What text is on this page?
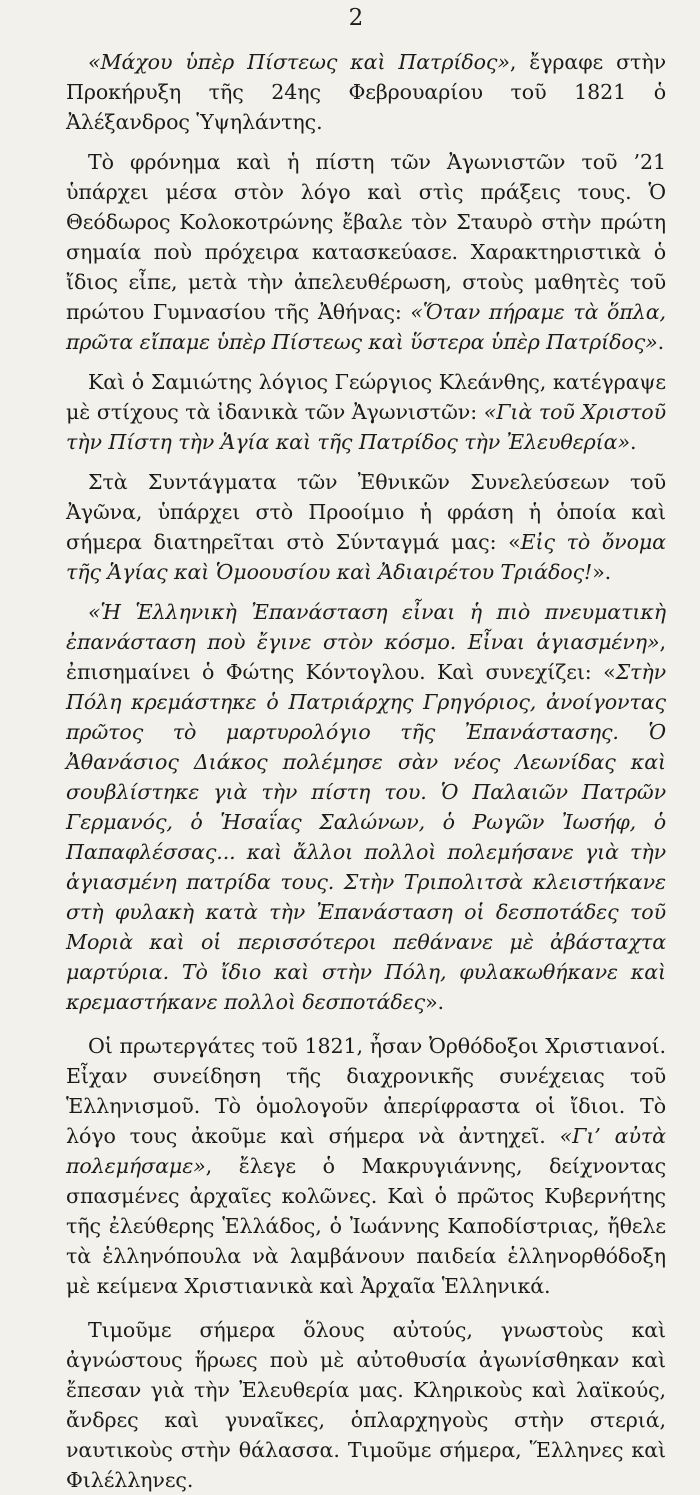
2

«Μάχου ὑπὲρ Πίστεως καὶ Πατρίδος», ἔγραφε στὴν Προκήρυξη τῆς 24ης Φεβρουαρίου τοῦ 1821 ὁ Ἀλέξανδρος Ὑψηλάντης.

Τὸ φρόνημα καὶ ἡ πίστη τῶν Ἀγωνιστῶν τοῦ ’21 ὑπάρχει μέσα στὸν λόγο καὶ στὶς πράξεις τους. Ὁ Θεόδωρος Κολοκοτρώνης ἔβαλε τὸν Σταυρὸ στὴν πρώτη σημαία ποὺ πρόχειρα κατασκεύασε. Χαρακτηριστικὰ ὁ ἴδιος εἶπε, μετὰ τὴν ἀπελευθέρωση, στοὺς μαθητὲς τοῦ πρώτου Γυμνασίου τῆς Ἀθήνας: «Ὅταν πήραμε τὰ ὅπλα, πρῶτα εἴπαμε ὑπὲρ Πίστεως καὶ ὕστερα ὑπὲρ Πατρίδος».

Καὶ ὁ Σαμιώτης λόγιος Γεώργιος Κλεάνθης, κατέγραψε μὲ στίχους τὰ ἰδανικὰ τῶν Ἀγωνιστῶν: «Γιὰ τοῦ Χριστοῦ τὴν Πίστη τὴν Ἁγία καὶ τῆς Πατρίδος τὴν Ἐλευθερία».

Στὰ Συντάγματα τῶν Ἐθνικῶν Συνελεύσεων τοῦ Ἀγῶνα, ὑπάρχει στὸ Προοίμιο ἡ φράση ἡ ὁποία καὶ σήμερα διατηρεῖται στὸ Σύνταγμά μας: «Εἰς τὸ ὄνομα τῆς Ἁγίας καὶ Ὁμοουσίου καὶ Ἀδιαιρέτου Τριάδος!».

«Ἡ Ἑλληνικὴ Ἐπανάσταση εἶναι ἡ πιὸ πνευματικὴ ἐπανάσταση ποὺ ἔγινε στὸν κόσμο. Εἶναι ἁγιασμένη», ἐπισημαίνει ὁ Φώτης Κόντογλου. Καὶ συνεχίζει: «Στὴν Πόλη κρεμάστηκε ὁ Πατριάρχης Γρηγόριος, ἀνοίγοντας πρῶτος τὸ μαρτυρολόγιο τῆς Ἐπανάστασης. Ὁ Ἀθανάσιος Διάκος πολέμησε σὰν νέος Λεωνίδας καὶ σουβλίστηκε γιὰ τὴν πίστη του. Ὁ Παλαιῶν Πατρῶν Γερμανός, ὁ Ἡσαΐας Σαλώνων, ὁ Ρωγῶν Ἰωσήφ, ὁ Παπαφλέσσας... καὶ ἄλλοι πολλοὶ πολεμήσανε γιὰ τὴν ἁγιασμένη πατρίδα τους. Στὴν Τριπολιτσὰ κλειστήκανε στὴ φυλακὴ κατὰ τὴν Ἐπανάσταση οἱ δεσποτάδες τοῦ Μοριὰ καὶ οἱ περισσότεροι πεθάνανε μὲ ἀβάσταχτα μαρτύρια. Τὸ ἴδιο καὶ στὴν Πόλη, φυλακωθήκανε καὶ κρεμαστήκανε πολλοὶ δεσποτάδες».

Οἱ πρωτεργάτες τοῦ 1821, ἦσαν Ὀρθόδοξοι Χριστιανοί. Εἶχαν συνείδηση τῆς διαχρονικῆς συνέχειας τοῦ Ἑλληνισμοῦ. Τὸ ὁμολογοῦν ἀπερίφραστα οἱ ἴδιοι. Τὸ λόγο τους ἀκοῦμε καὶ σήμερα νὰ ἀντηχεῖ. «Γι’ αὐτὰ πολεμήσαμε», ἔλεγε ὁ Μακρυγιάννης, δείχνοντας σπασμένες ἀρχαῖες κολῶνες. Καὶ ὁ πρῶτος Κυβερνήτης τῆς ἐλεύθερης Ἑλλάδος, ὁ Ἰωάννης Καποδίστριας, ἤθελε τὰ ἑλληνόπουλα νὰ λαμβάνουν παιδεία ἑλληνορθόδοξη μὲ κείμενα Χριστιανικὰ καὶ Ἀρχαῖα Ἑλληνικά.

Τιμοῦμε σήμερα ὅλους αὐτούς, γνωστοὺς καὶ ἀγνώστους ἥρωες ποὺ μὲ αὐτοθυσία ἀγωνίσθηκαν καὶ ἔπεσαν γιὰ τὴν Ἐλευθερία μας. Κληρικοὺς καὶ λαϊκούς, ἄνδρες καὶ γυναῖκες, ὁπλαρχηγοὺς στὴν στεριά, ναυτικοὺς στὴν θάλασσα. Τιμοῦμε σήμερα, Ἕλληνες καὶ Φιλέλληνες.
